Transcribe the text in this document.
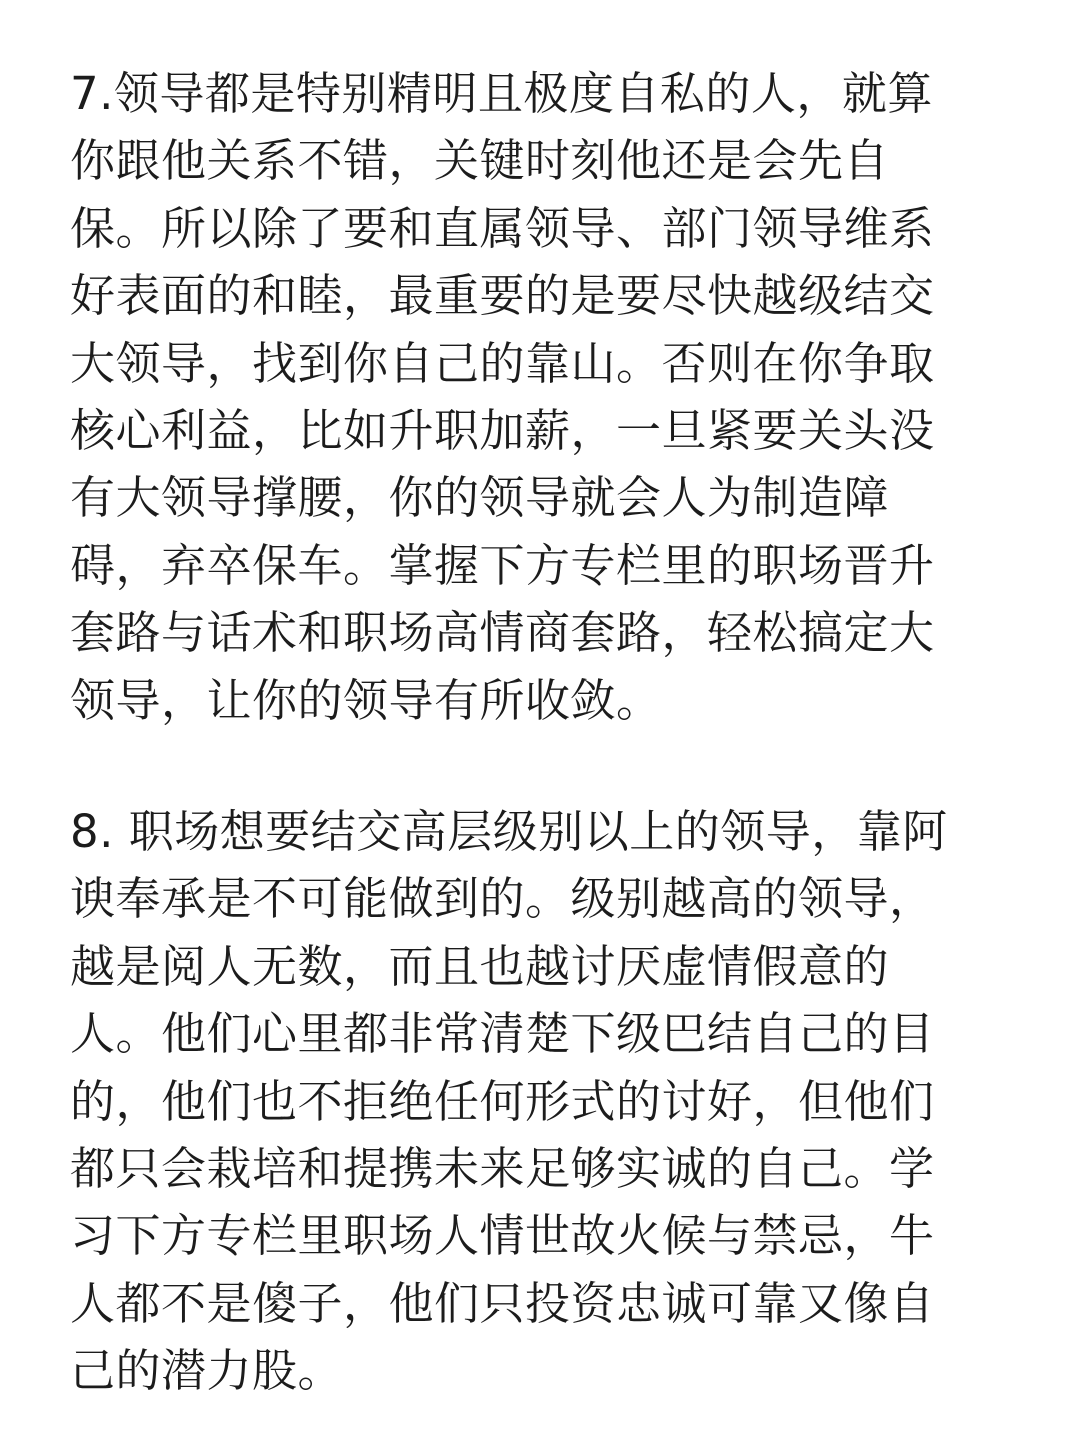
7.领导都是特别精明且极度自私的人，就算
你跟他关系不错，关键时刻他还是会先自
保。所以除了要和直属领导、部门领导维系
好表面的和睦，最重要的是要尽快越级结交
大领导，找到你自己的靠山。否则在你争取
核心利益，比如升职加薪，一旦紧要关头没
有大领导撑腰，你的领导就会人为制造障
碍，弃卒保车。掌握下方专栏里的职场晋升
套路与话术和职场高情商套路，轻松搞定大
领导，让你的领导有所收敛。

8. 职场想要结交高层级别以上的领导，靠阿
谀奉承是不可能做到的。级别越高的领导，
越是阅人无数，而且也越讨厌虚情假意的
人。他们心里都非常清楚下级巴结自己的目
的，他们也不拒绝任何形式的讨好，但他们
都只会栽培和提携未来足够实诚的自己。学
习下方专栏里职场人情世故火候与禁忌，牛
人都不是傻子，他们只投资忠诚可靠又像自
己的潜力股。
